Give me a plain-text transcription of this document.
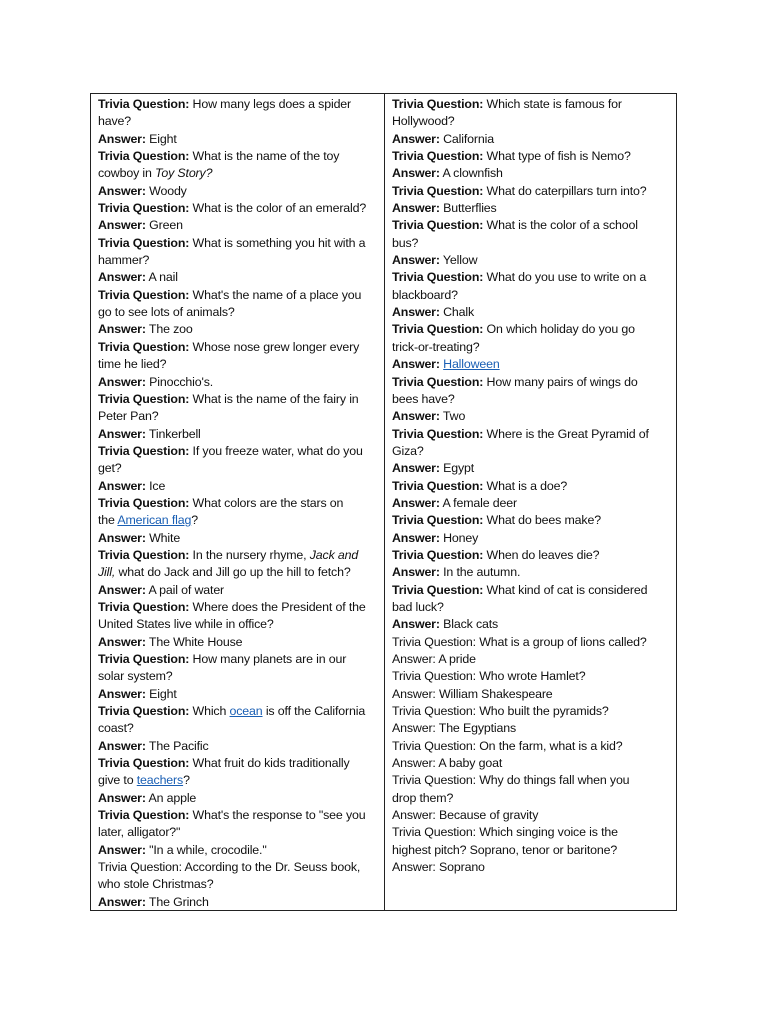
Trivia Question: How many legs does a spider
have?
Answer: Eight
Trivia Question: What is the name of the toy
cowboy in Toy Story?
Answer: Woody
Trivia Question: What is the color of an emerald?
Answer: Green
Trivia Question: What is something you hit with a
hammer?
Answer: A nail
Trivia Question: What's the name of a place you
go to see lots of animals?
Answer: The zoo
Trivia Question: Whose nose grew longer every
time he lied?
Answer: Pinocchio's.
Trivia Question: What is the name of the fairy in
Peter Pan?
Answer: Tinkerbell
Trivia Question: If you freeze water, what do you
get?
Answer: Ice
Trivia Question: What colors are the stars on
the American flag?
Answer: White
Trivia Question: In the nursery rhyme, Jack and
Jill, what do Jack and Jill go up the hill to fetch?
Answer: A pail of water
Trivia Question: Where does the President of the
United States live while in office?
Answer: The White House
Trivia Question: How many planets are in our
solar system?
Answer: Eight
Trivia Question: Which ocean is off the California
coast?
Answer: The Pacific
Trivia Question: What fruit do kids traditionally
give to teachers?
Answer: An apple
Trivia Question: What's the response to "see you
later, alligator?"
Answer: "In a while, crocodile."
Trivia Question: According to the Dr. Seuss book,
who stole Christmas?
Answer: The Grinch
Trivia Question: Which state is famous for
Hollywood?
Answer: California
Trivia Question: What type of fish is Nemo?
Answer: A clownfish
Trivia Question: What do caterpillars turn into?
Answer: Butterflies
Trivia Question: What is the color of a school
bus?
Answer: Yellow
Trivia Question: What do you use to write on a
blackboard?
Answer: Chalk
Trivia Question: On which holiday do you go
trick-or-treating?
Answer: Halloween
Trivia Question: How many pairs of wings do
bees have?
Answer: Two
Trivia Question: Where is the Great Pyramid of
Giza?
Answer: Egypt
Trivia Question: What is a doe?
Answer: A female deer
Trivia Question: What do bees make?
Answer: Honey
Trivia Question: When do leaves die?
Answer: In the autumn.
Trivia Question: What kind of cat is considered
bad luck?
Answer: Black cats
Trivia Question: What is a group of lions called?
Answer: A pride
Trivia Question: Who wrote Hamlet?
Answer: William Shakespeare
Trivia Question: Who built the pyramids?
Answer: The Egyptians
Trivia Question: On the farm, what is a kid?
Answer: A baby goat
Trivia Question: Why do things fall when you
drop them?
Answer: Because of gravity
Trivia Question: Which singing voice is the
highest pitch? Soprano, tenor or baritone?
Answer: Soprano
